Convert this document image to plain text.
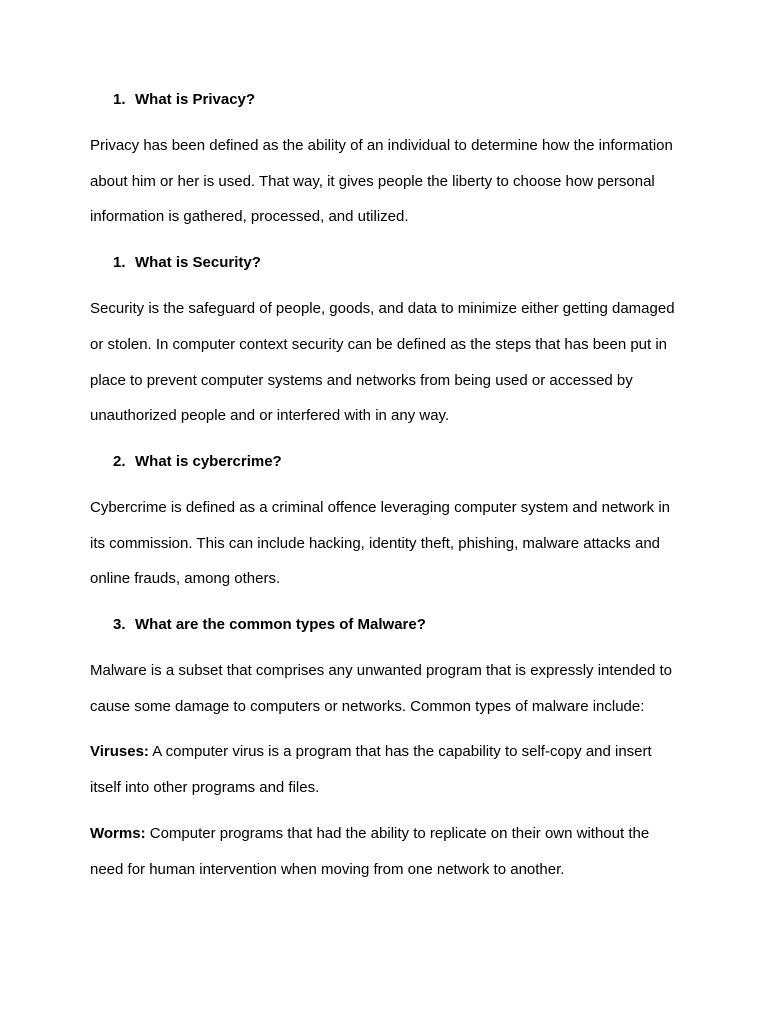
1. What is Privacy?

Privacy has been defined as the ability of an individual to determine how the information about him or her is used. That way, it gives people the liberty to choose how personal information is gathered, processed, and utilized.

1. What is Security?

Security is the safeguard of people, goods, and data to minimize either getting damaged or stolen. In computer context security can be defined as the steps that has been put in place to prevent computer systems and networks from being used or accessed by unauthorized people and or interfered with in any way.

2. What is cybercrime?

Cybercrime is defined as a criminal offence leveraging computer system and network in its commission. This can include hacking, identity theft, phishing, malware attacks and online frauds, among others.

3. What are the common types of Malware?

Malware is a subset that comprises any unwanted program that is expressly intended to cause some damage to computers or networks. Common types of malware include:

Viruses: A computer virus is a program that has the capability to self-copy and insert itself into other programs and files.

Worms: Computer programs that had the ability to replicate on their own without the need for human intervention when moving from one network to another.
